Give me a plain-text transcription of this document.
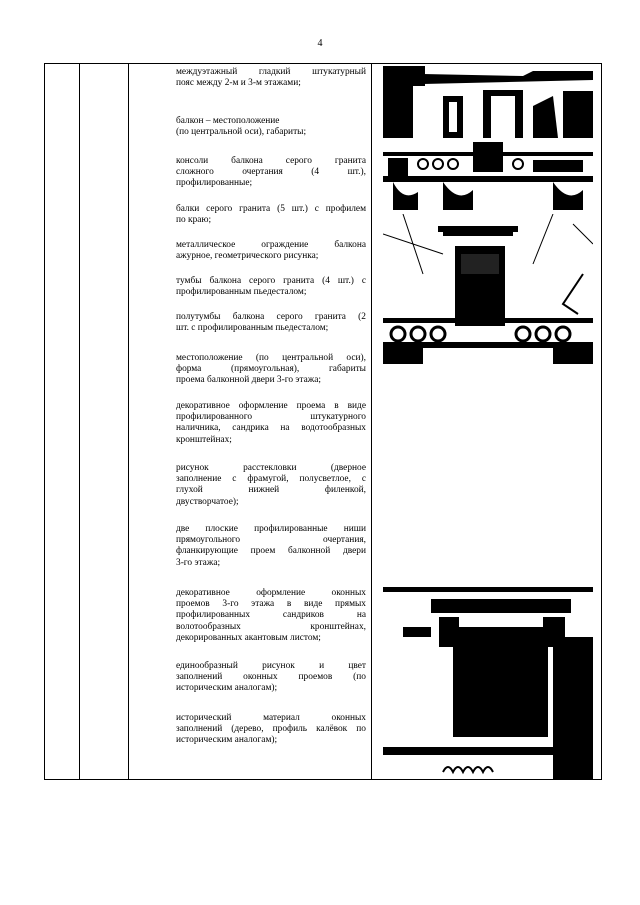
4
междуэтажный гладкий штукатурный
пояс между 2-м и 3-м этажами;
балкон – местоположение
(по центральной оси), габариты;
консоли балкона серого гранита
сложного очертания (4 шт.),
профилированные;
балки серого гранита (5 шт.) с профилем
по краю;
металлическое ограждение балкона
ажурное, геометрического рисунка;
тумбы балкона серого гранита (4 шт.) с
профилированным пьедесталом;
полутумбы балкона серого гранита (2
шт. с профилированным пьедесталом;
местоположение (по центральной оси),
форма (прямоугольная), габариты
проема балконной двери 3-го этажа;
декоративное оформление проема в виде
профилированного штукатурного
наличника, сандрика на водотообразных
кронштейнах;
рисунок расстекловки (дверное
заполнение с фрамугой, полусветлое, с
глухой нижней филенкой,
двустворчатое);
две плоские профилированные ниши
прямоугольного очертания,
фланкирующие проем балконной двери
3-го этажа;
декоративное оформление оконных
проемов 3-го этажа в виде прямых
профилированных сандриков на
волотообразных кронштейнах,
декорированных акантовым листом;
единообразный рисунок и цвет
заполнений оконных проемов (по
историческим аналогам);
исторический материал оконных
заполнений (дерево, профиль калёвок по
историческим аналогам);
